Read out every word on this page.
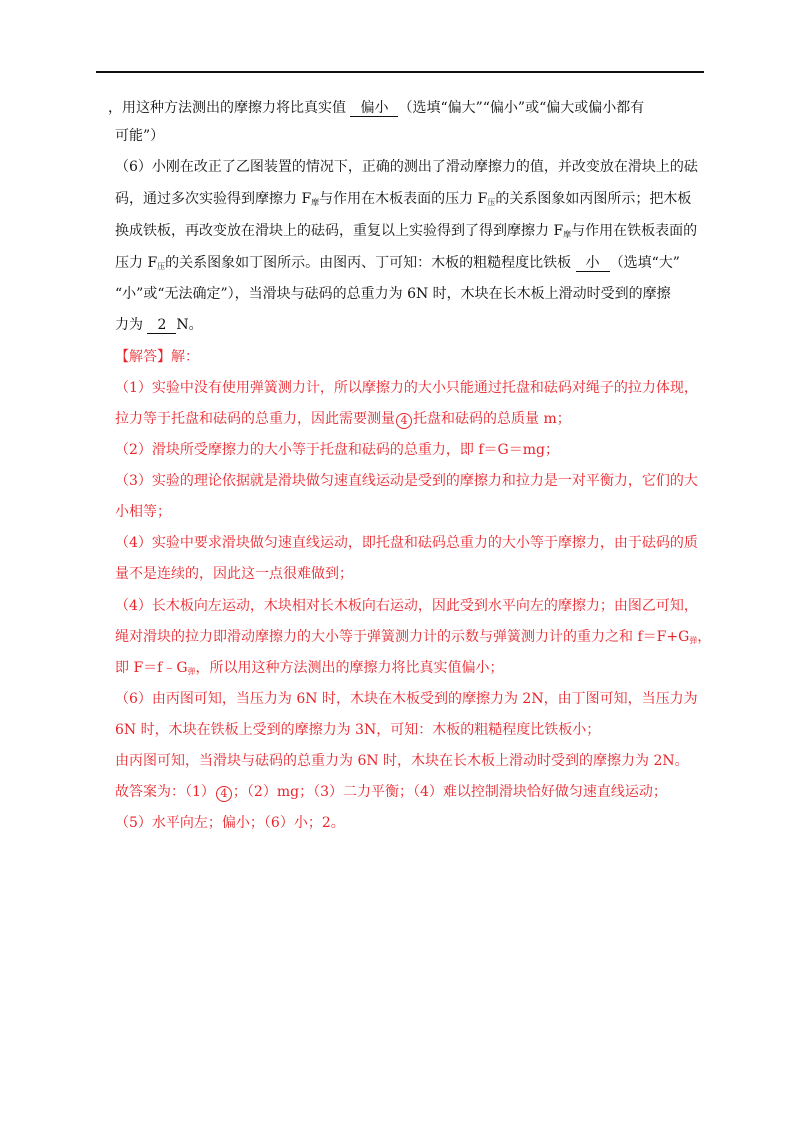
，用这种方法测出的摩擦力将比真实值 偏小 （选填“偏大”“偏小”或“偏大或偏小都有
可能”）
（6）小刚在改正了乙图装置的情况下，正确的测出了滑动摩擦力的值，并改变放在滑块上的砝
码，通过多次实验得到摩擦力 $F_摩$与作用在木板表面的压力 $F_压$的关系图象如丙图所示；把木板
换成铁板，再改变放在滑块上的砝码，重复以上实验得到了得到摩擦力 $F_摩$与作用在铁板表面的
压力 $F_压$的关系图象如丁图所示。由图丙、丁可知：木板的粗糙程度比铁板 小 （选填“大”
“小”或“无法确定”），当滑块与砝码的总重力为 6N 时，木块在长木板上滑动时受到的摩擦
力为 2 N。
【解答】解：
（1）实验中没有使用弹簧测力计，所以摩擦力的大小只能通过托盘和砝码对绳子的拉力体现，
拉力等于托盘和砝码的总重力，因此需要测量 4 托盘和砝码的总质量 m；
（2）滑块所受摩擦力的大小等于托盘和砝码的总重力，即 f＝G＝mg；
（3）实验的理论依据就是滑块做匀速直线运动是受到的摩擦力和拉力是一对平衡力，它们的大
小相等；
（4）实验中要求滑块做匀速直线运动，即托盘和砝码总重力的大小等于摩擦力，由于砝码的质
量不是连续的，因此这一点很难做到；
（4）长木板向左运动，木块相对长木板向右运动，因此受到水平向左的摩擦力；由图乙可知，
绳对滑块的拉力即滑动摩擦力的大小等于弹簧测力计的示数与弹簧测力计的重力之和 $f=F+G_弹$，
即 $F=f﹣G_弹$，所以用这种方法测出的摩擦力将比真实值偏小；
（6）由丙图可知，当压力为 6N 时，木块在木板受到的摩擦力为 2N，由丁图可知，当压力为
6N 时，木块在铁板上受到的摩擦力为 3N，可知：木板的粗糙程度比铁板小；
由丙图可知，当滑块与砝码的总重力为 6N 时，木块在长木板上滑动时受到的摩擦力为 2N。
故答案为：（1） 4 ；（2）mg；（3）二力平衡；（4）难以控制滑块恰好做匀速直线运动；
（5）水平向左；偏小；（6）小；2。
